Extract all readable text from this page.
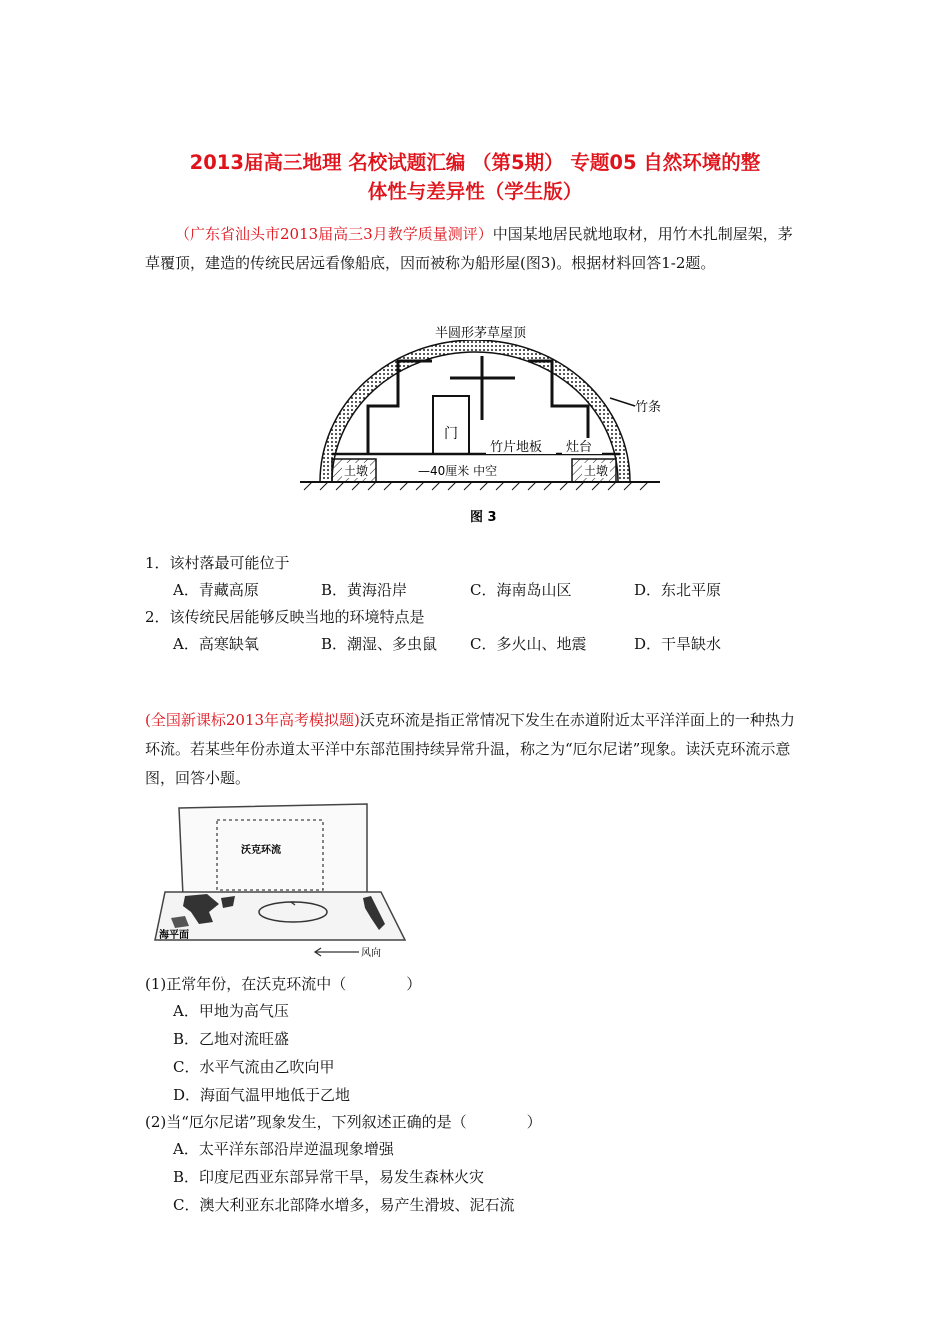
2013届高三地理 名校试题汇编 （第5期） 专题05 自然环境的整
体性与差异性（学生版）

（广东省汕头市2013届高三3月教学质量测评）中国某地居民就地取材，用竹木扎制屋架，茅草覆顶，建造的传统民居远看像船底，因而被称为船形屋(图3)。根据材料回答1-2题。

半圆形茅草屋顶
竹条
门
竹片地板 灶台
土墩	土墩
—40厘米 中空
图 3

1．该村落最可能位于

A．青藏高原	B．黄海沿岸	C．海南岛山区	D．东北平原

2．该传统民居能够反映当地的环境特点是

A．高寒缺氧	B．潮湿、多虫鼠 C．多火山、地震	D．干旱缺水

(全国新课标2013年高考模拟题)沃克环流是指正常情况下发生在赤道附近太平洋洋面上的一种热力环流。若某些年份赤道太平洋中东部范围持续异常升温，称之为“厄尔尼诺”现象。读沃克环流示意图，回答小题。

沃克环流
海平面
风向

(1)正常年份，在沃克环流中（　　　　）

A．甲地为高气压
B．乙地对流旺盛
C．水平气流由乙吹向甲
D．海面气温甲地低于乙地

(2)当“厄尔尼诺”现象发生，下列叙述正确的是（　　　　）

A．太平洋东部沿岸逆温现象增强
B．印度尼西亚东部异常干旱，易发生森林火灾
C．澳大利亚东北部降水增多，易产生滑坡、泥石流
